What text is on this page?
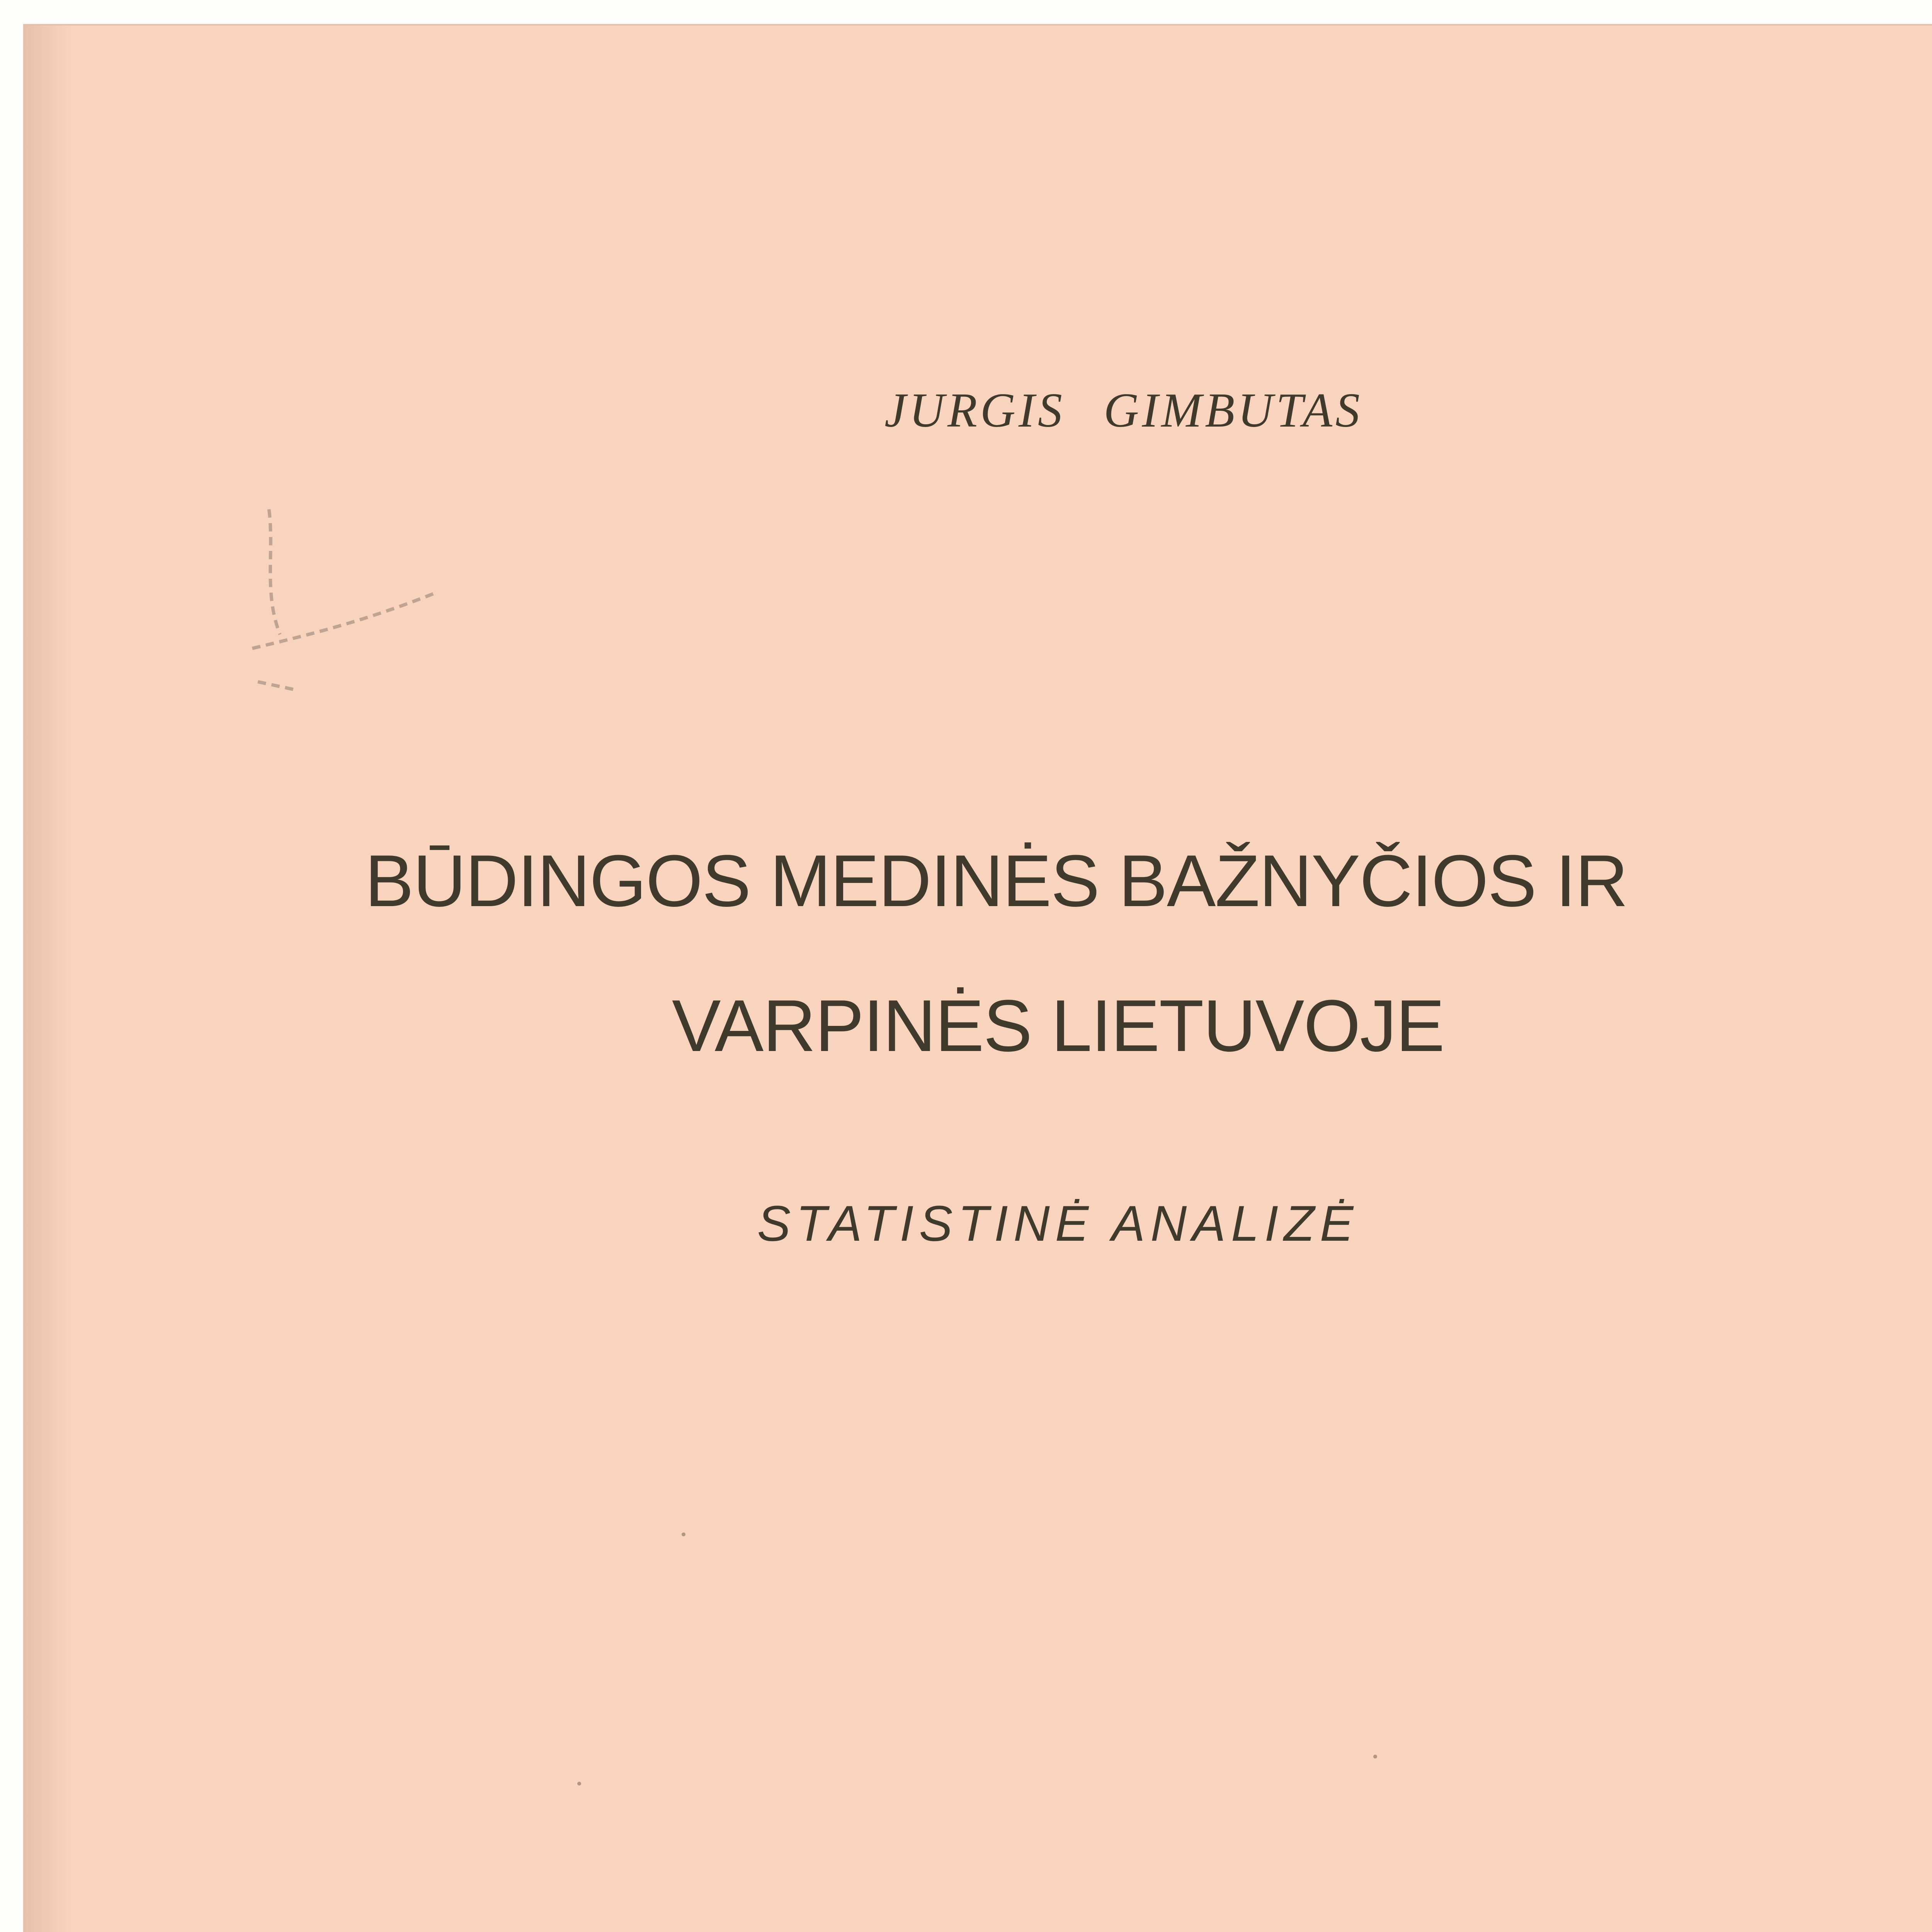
JURGIS GIMBUTAS

BŪDINGOS MEDINĖS BAŽNYČIOS IR

VARPINĖS LIETUVOJE

STATISTINĖ ANALIZĖ
